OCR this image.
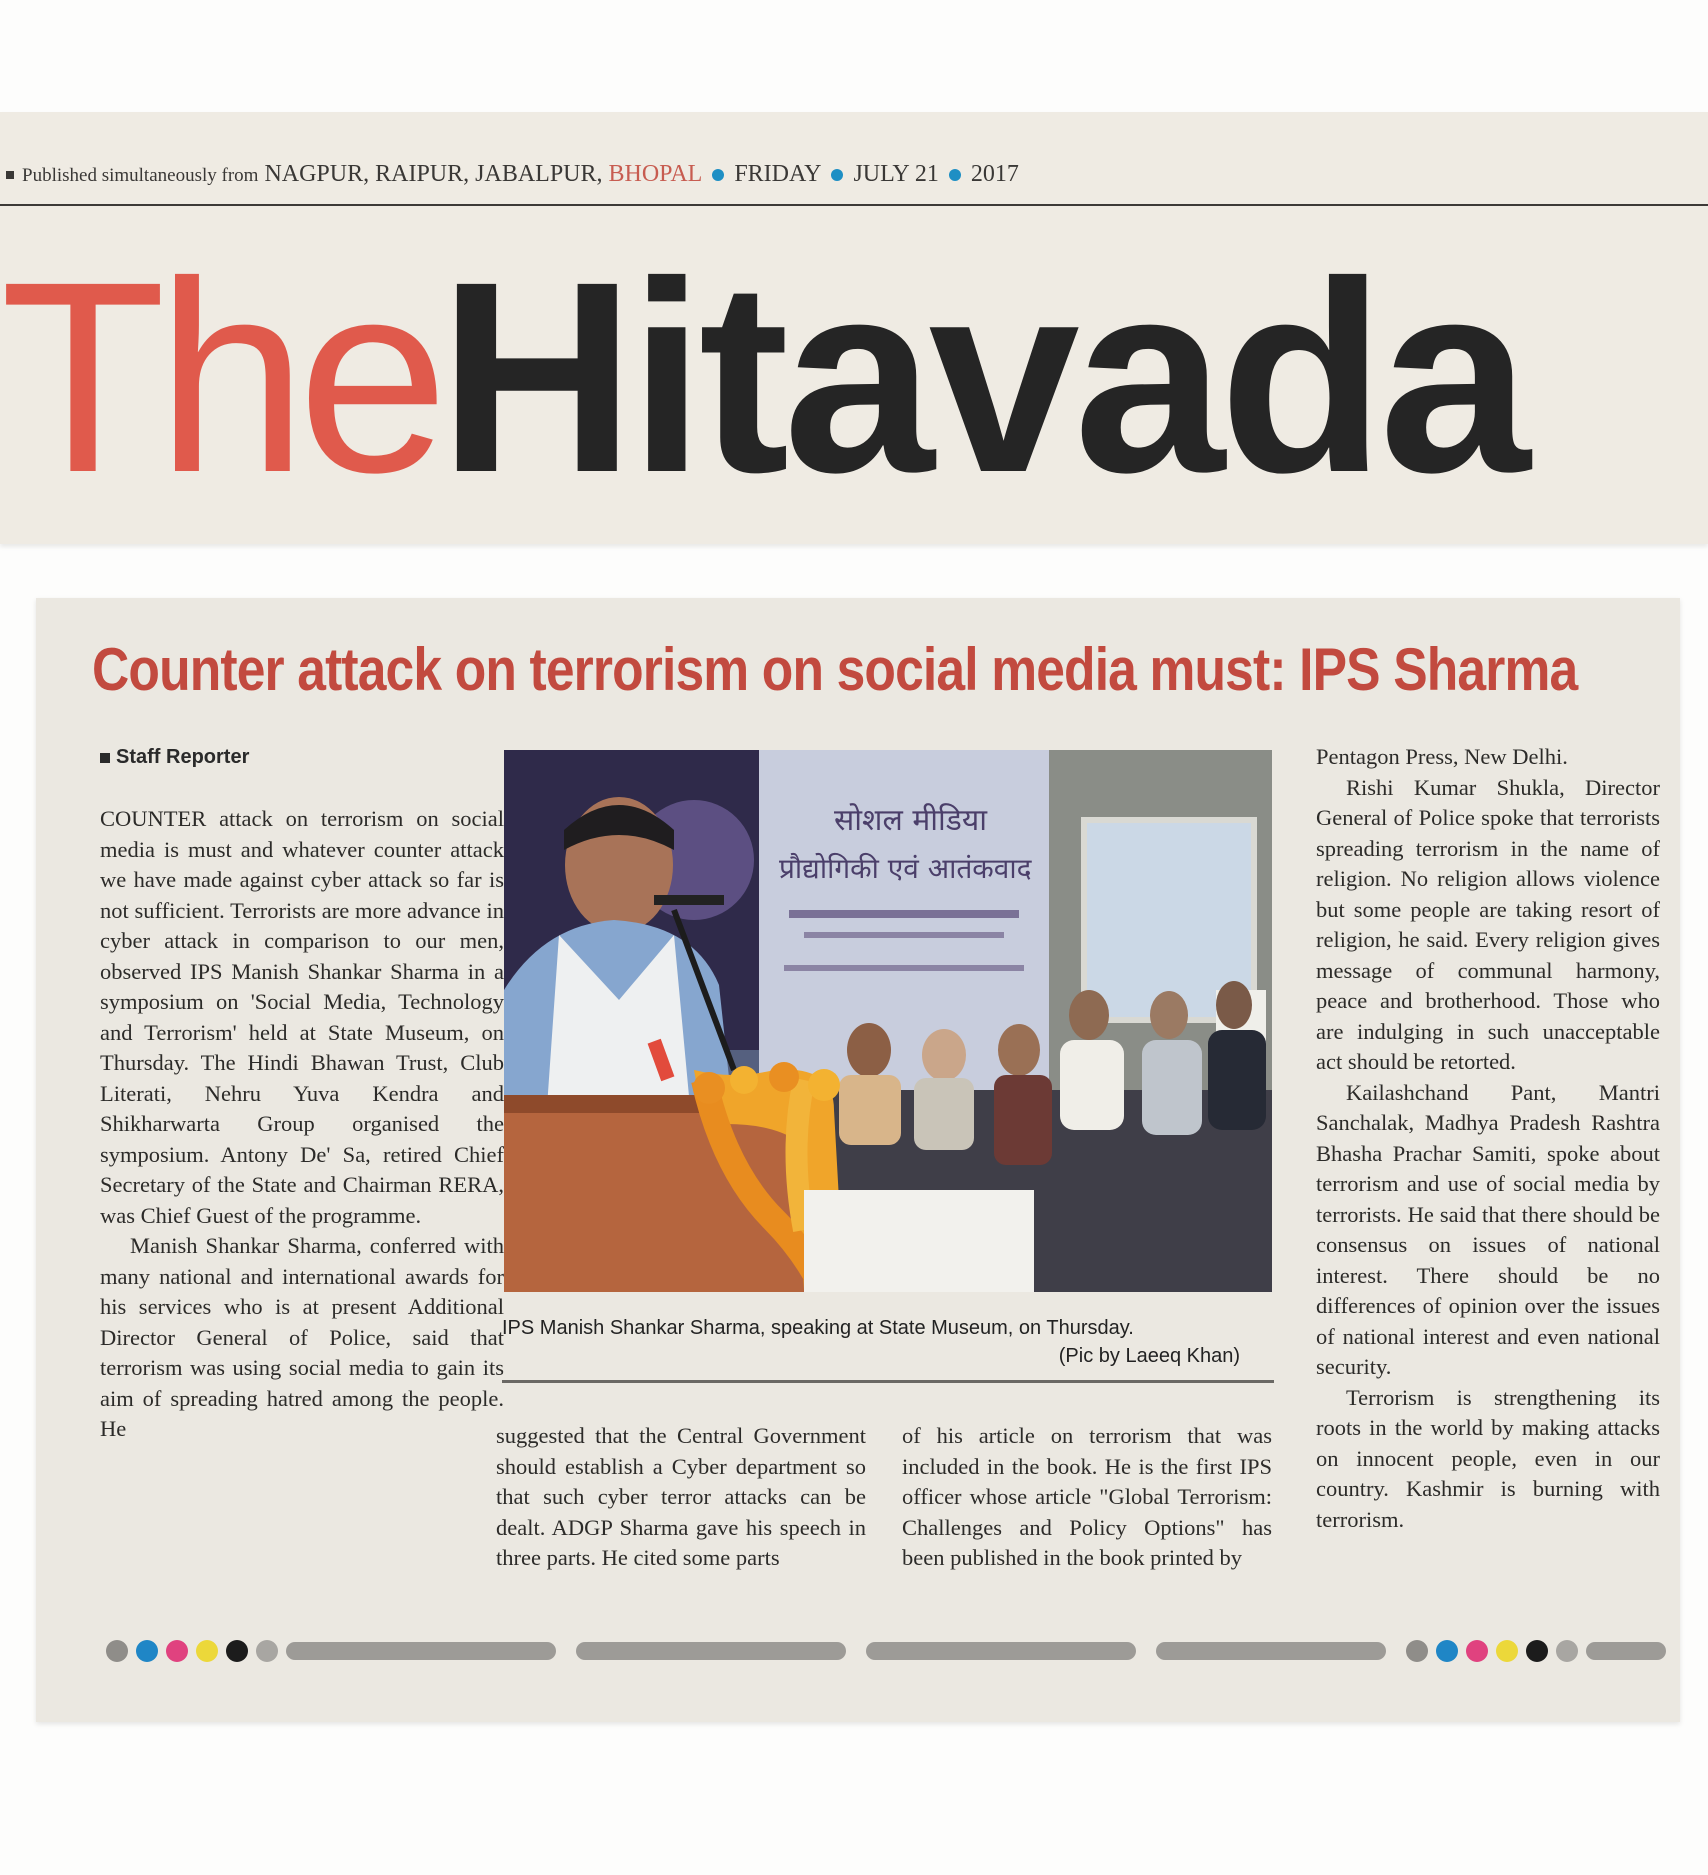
Published simultaneously from NAGPUR, RAIPUR, JABALPUR, BHOPAL FRIDAY JULY 21 2017
TheHitavada
Counter attack on terrorism on social media must: IPS Sharma
Staff Reporter

COUNTER attack on terrorism on social media is must and whatever counter attack we have made against cyber attack so far is not sufficient. Terrorists are more advance in cyber attack in comparison to our men, observed IPS Manish Shankar Sharma in a symposium on 'Social Media, Technology and Terrorism' held at State Museum, on Thursday. The Hindi Bhawan Trust, Club Literati, Nehru Yuva Kendra and Shikharwarta Group organised the symposium. Antony De' Sa, retired Chief Secretary of the State and Chairman RERA, was Chief Guest of the programme.

Manish Shankar Sharma, conferred with many national and international awards for his services who is at present Additional Director General of Police, said that terrorism was using social media to gain its aim of spreading hatred among the people. He

सोशल मीडिया
प्रौद्योगिकी एवं आतंकवाद
IPS Manish Shankar Sharma, speaking at State Museum, on Thursday.
(Pic by Laeeq Khan)

suggested that the Central Government should establish a Cyber department so that such cyber terror attacks can be dealt. ADGP Sharma gave his speech in three parts. He cited some parts

of his article on terrorism that was included in the book. He is the first IPS officer whose article "Global Terrorism: Challenges and Policy Options" has been published in the book printed by

Pentagon Press, New Delhi.

Rishi Kumar Shukla, Director General of Police spoke that terrorists spreading terrorism in the name of religion. No religion allows violence but some people are taking resort of religion, he said. Every religion gives message of communal harmony, peace and brotherhood. Those who are indulging in such unacceptable act should be retorted.

Kailashchand Pant, Mantri Sanchalak, Madhya Pradesh Rashtra Bhasha Prachar Samiti, spoke about terrorism and use of social media by terrorists. He said that there should be consensus on issues of national interest. There should be no differences of opinion over the issues of national interest and even national security.

Terrorism is strengthening its roots in the world by making attacks on innocent people, even in our country. Kashmir is burning with terrorism.
